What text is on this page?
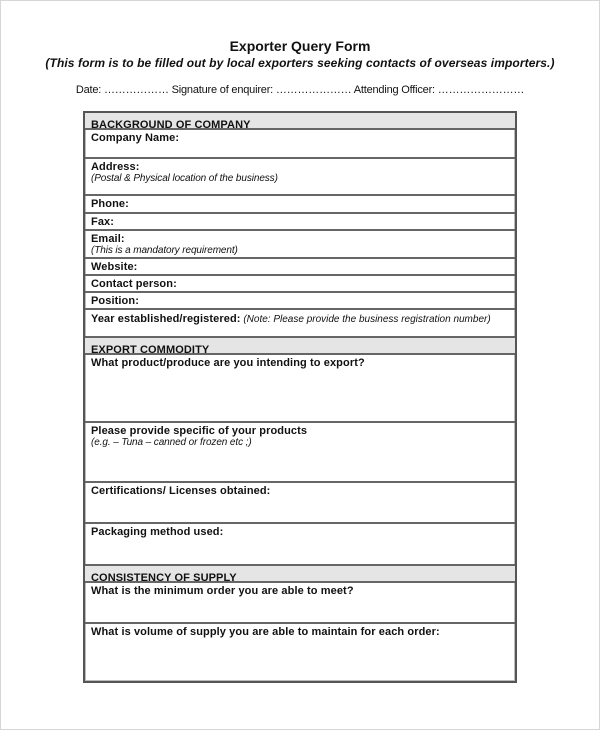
Exporter Query Form
(This form is to be filled out by local exporters seeking contacts of overseas importers.)
Date: ……………… Signature of enquirer: ………………… Attending Officer: ……………………
BACKGROUND OF COMPANY
Company Name:
Address:
(Postal & Physical location of the business)
Phone:
Fax:
Email:
(This is a mandatory requirement)
Website:
Contact person:
Position:
Year established/registered: (Note: Please provide the business registration number)
EXPORT COMMODITY
What product/produce are you intending to export?
Please provide specific of your products
(e.g. – Tuna – canned or frozen etc ;)
Certifications/ Licenses obtained:
Packaging method used:
CONSISTENCY OF SUPPLY
What is the minimum order you are able to meet?
What is volume of supply you are able to maintain for each order:
